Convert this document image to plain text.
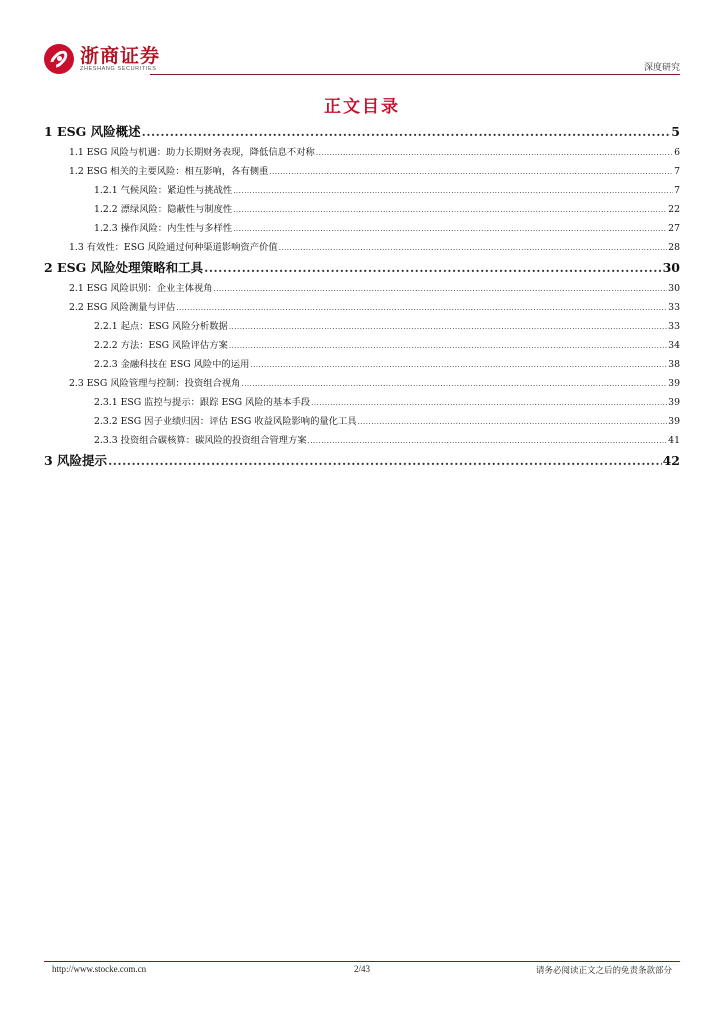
浙商证券
ZHESHANG SECURITIES	深度研究
正文目录
1 ESG 风险概述 .....	5
1.1 ESG 风险与机遇：助力长期财务表现，降低信息不对称 .....	6
1.2 ESG 相关的主要风险：相互影响，各有侧重 .....	7
1.2.1 气候风险：紧迫性与挑战性 .....	7
1.2.2 漂绿风险：隐蔽性与制度性 .....	22
1.2.3 操作风险：内生性与多样性 .....	27
1.3 有效性：ESG 风险通过何种渠道影响资产价值 .....	28
2 ESG 风险处理策略和工具 .....	30
2.1 ESG 风险识别：企业主体视角 .....	30
2.2 ESG 风险测量与评估 .....	33
2.2.1 起点：ESG 风险分析数据 .....	33
2.2.2 方法：ESG 风险评估方案 .....	34
2.2.3 金融科技在 ESG 风险中的运用 .....	38
2.3 ESG 风险管理与控制：投资组合视角 .....	39
2.3.1 ESG 监控与提示：跟踪 ESG 风险的基本手段 .....	39
2.3.2 ESG 因子业绩归因：评估 ESG 收益风险影响的量化工具 .....	39
2.3.3 投资组合碳核算：碳风险的投资组合管理方案 .....	41
3 风险提示 .....	42
http://www.stocke.com.cn	2/43	请务必阅读正文之后的免责条款部分
